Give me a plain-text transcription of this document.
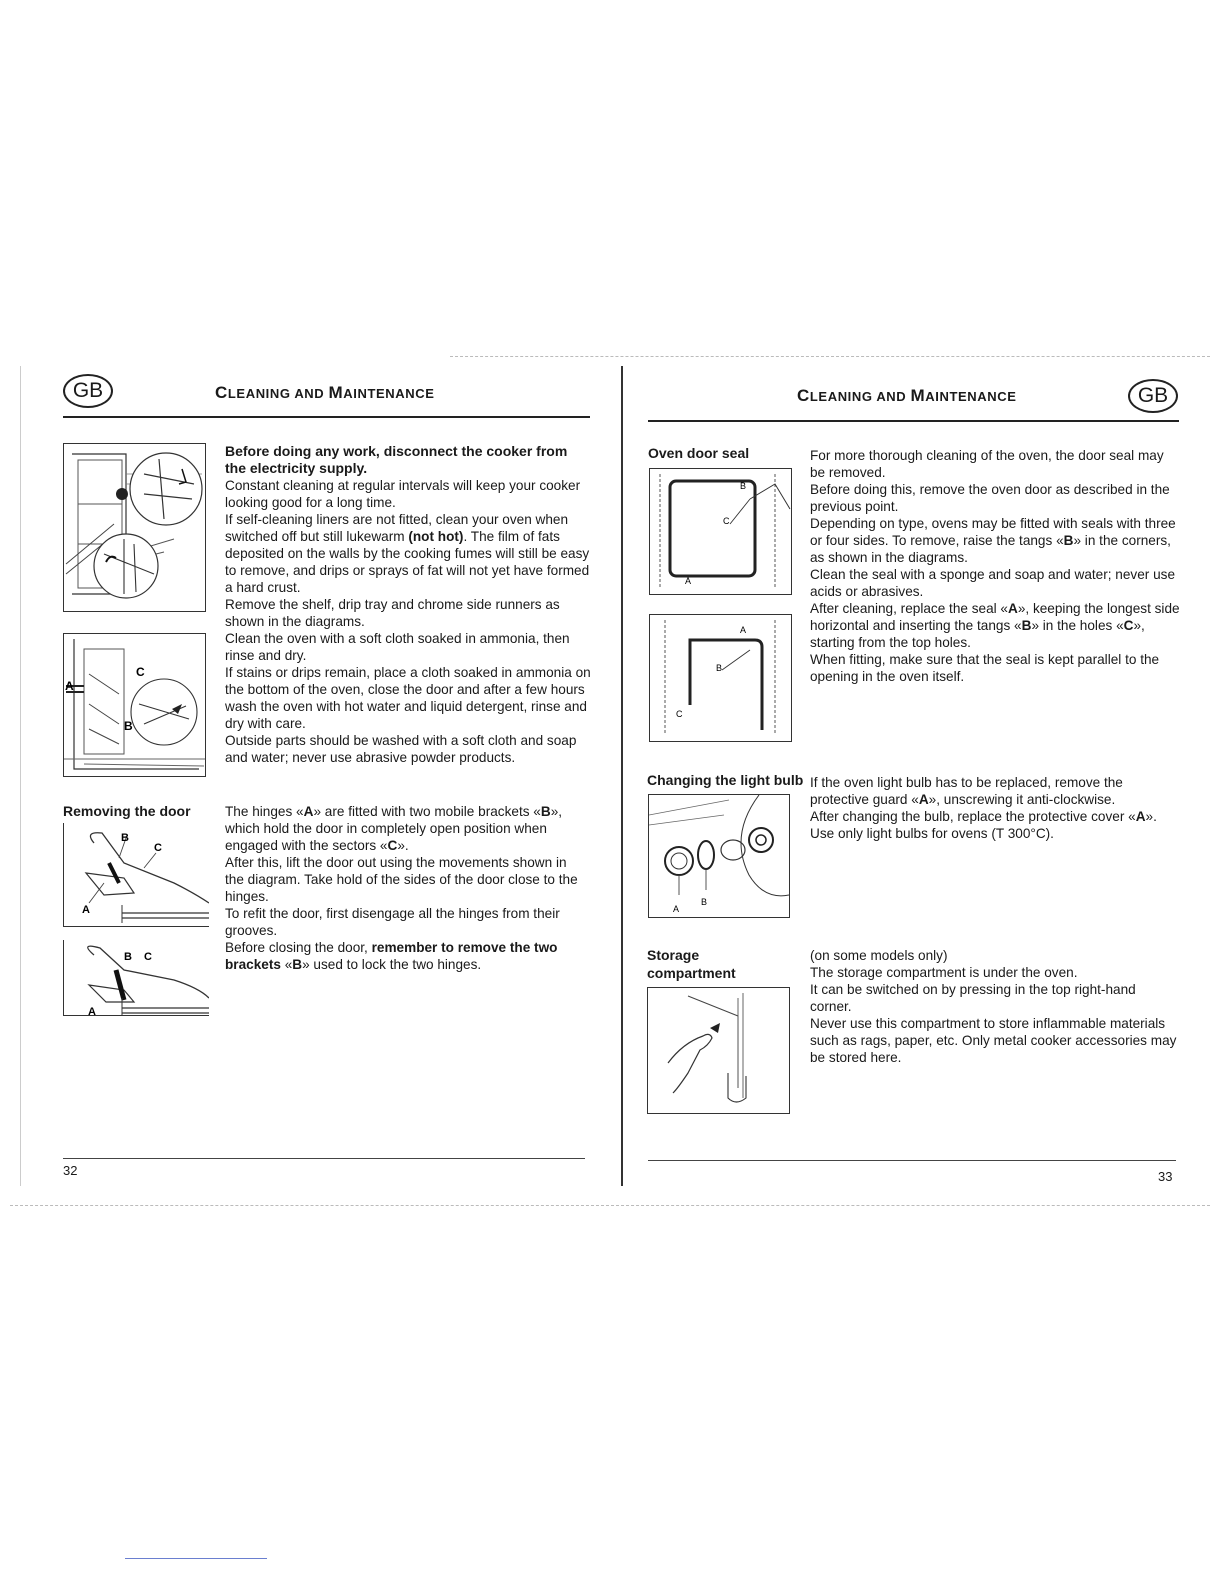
GB	CLEANING AND MAINTENANCE
C
A
B

Before doing any work, disconnect the cooker from the electricity supply.

Constant cleaning at regular intervals will keep your cooker looking good for a long time.

If self-cleaning liners are not fitted, clean your oven when switched off but still lukewarm (not hot). The film of fats deposited on the walls by the cooking fumes will still be easy to remove, and drips or sprays of fat will not yet have formed a hard crust.

Remove the shelf, drip tray and chrome side runners as shown in the diagrams.

Clean the oven with a soft cloth soaked in ammonia, then rinse and dry.

If stains or drips remain, place a cloth soaked in ammonia on the bottom of the oven, close the door and after a few hours wash the oven with hot water and liquid detergent, rinse and dry with care.

Outside parts should be washed with a soft cloth and soap and water; never use abrasive powder products.

Removing the door
B
C
A
B C
A

The hinges «A» are fitted with two mobile brackets «B», which hold the door in completely open position when engaged with the sectors «C».

After this, lift the door out using the movements shown in the diagram. Take hold of the sides of the door close to the hinges.

To refit the door, first disengage all the hinges from their grooves.

Before closing the door, remember to remove the two brackets «B» used to lock the two hinges.

32
CLEANING AND MAINTENANCE	GB
Oven door seal
B
C
A
A
B
C

For more thorough cleaning of the oven, the door seal may be removed.

Before doing this, remove the oven door as described in the previous point.

Depending on type, ovens may be fitted with seals with three or four sides. To remove, raise the tangs «B» in the corners, as shown in the diagrams.

Clean the seal with a sponge and soap and water; never use acids or abrasives.

After cleaning, replace the seal «A», keeping the longest side horizontal and inserting the tangs «B» in the holes «C», starting from the top holes.

When fitting, make sure that the seal is kept parallel to the opening in the oven itself.

Changing the light bulb
A
B

If the oven light bulb has to be replaced, remove the protective guard «A», unscrewing it anti-clockwise.

After changing the bulb, replace the protective cover «A».

Use only light bulbs for ovens (T 300°C).

Storage
compartment

(on some models only)

The storage compartment is under the oven.

It can be switched on by pressing in the top right-hand corner.

Never use this compartment to store inflammable materials such as rags, paper, etc. Only metal cooker accessories may be stored here.

33
